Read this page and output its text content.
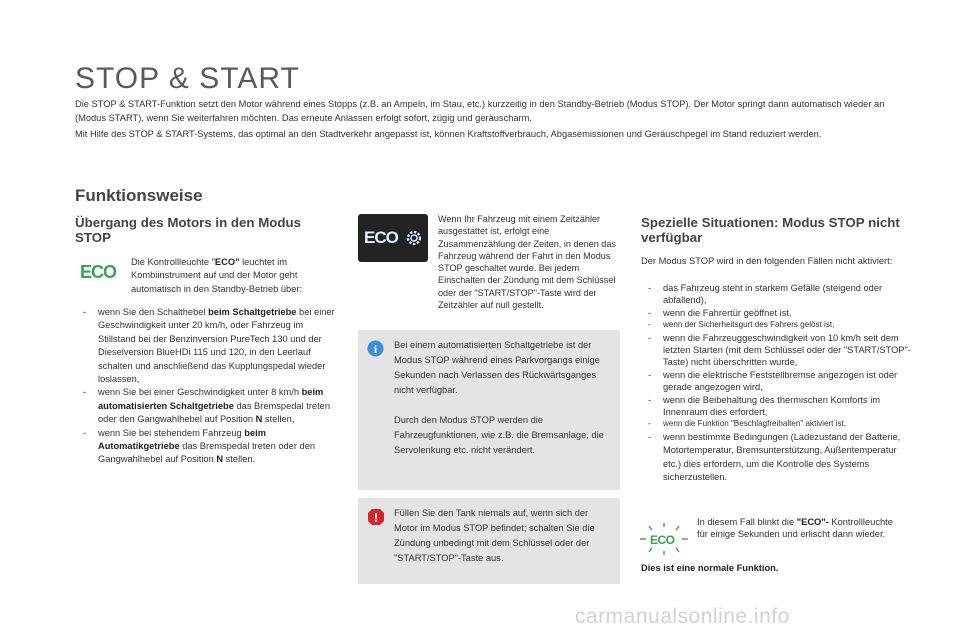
STOP & START
Die STOP & START-Funktion setzt den Motor während eines Stopps (z.B. an Ampeln, im Stau, etc.) kurzzeitig in den Standby-Betrieb (Modus STOP). Der Motor springt dann automatisch wieder an (Modus START), wenn Sie weiterfahren möchten. Das erneute Anlassen erfolgt sofort, zügig und geräuscharm.
Mit Hilfe des STOP & START-Systems, das optimal an den Stadtverkehr angepasst ist, können Kraftstoffverbrauch, Abgasemissionen und Geräuschpegel im Stand reduziert werden.
Funktionsweise
Übergang des Motors in den Modus STOP
ECO Die Kontrollleuchte "ECO" leuchtet im Kombiinstrument auf und der Motor geht automatisch in den Standby-Betrieb über:
- wenn Sie den Schalthebel beim Schaltgetriebe bei einer Geschwindigkeit unter 20 km/h, oder Fahrzeug im Stillstand bei der Benzinversion PureTech 130 und der Dieselversion BlueHDi 115 und 120, in den Leerlauf schalten und anschließend das Kupplungspedal wieder loslassen,
- wenn Sie bei einer Geschwindigkeit unter 8 km/h beim automatisierten Schaltgetriebe das Bremspedal treten oder den Gangwahlhebel auf Position N stellen,
- wenn Sie bei stehendem Fahrzeug beim Automatikgetriebe das Bremspedal treten oder den Gangwahlhebel auf Position N stellen.
ECO
Wenn Ihr Fahrzeug mit einem Zeitzähler ausgestattet ist, erfolgt eine Zusammenzählung der Zeiten, in denen das Fahrzeug während der Fahrt in den Modus STOP geschaltet wurde. Bei jedem Einschalten der Zündung mit dem Schlüssel oder der "START/STOP"-Taste wird der Zeitzähler auf null gestellt.
i Bei einem automatisierten Schaltgetriebe ist der Modus STOP während eines Parkvorgangs einige Sekunden nach Verlassen des Rückwärtsganges nicht verfügbar.
Durch den Modus STOP werden die Fahrzeugfunktionen, wie z.B. die Bremsanlage, die Servolenkung etc. nicht verändert.
! Füllen Sie den Tank niemals auf, wenn sich der Motor im Modus STOP befindet; schalten Sie die Zündung unbedingt mit dem Schlüssel oder der "START/STOP"-Taste aus.
Spezielle Situationen: Modus STOP nicht verfügbar
Der Modus STOP wird in den folgenden Fällen nicht aktiviert:
- das Fahrzeug steht in starkem Gefälle (steigend oder abfallend),
- wenn die Fahrertür geöffnet ist,
- wenn der Sicherheitsgurt des Fahrers gelöst ist,
- wenn die Fahrzeuggeschwindigkeit von 10 km/h seit dem letzten Starten (mit dem Schlüssel oder der "START/STOP"-Taste) nicht überschritten wurde,
- wenn die elektrische Feststellbremse angezogen ist oder gerade angezogen wird,
- wenn die Beibehaltung des thermischen Komforts im Innenraum dies erfordert,
- wenn die Funktion "Beschlagfreihalten" aktiviert ist,
- wenn bestimmte Bedingungen (Ladezustand der Batterie, Motortemperatur, Bremsunterstützung, Außentemperatur etc.) dies erfordern, um die Kontrolle des Systems sicherzustellen.
ECO
In diesem Fall blinkt die "ECO"- Kontrollleuchte für einige Sekunden und erlischt dann wieder.
Dies ist eine normale Funktion.
carmanualsonline.info
